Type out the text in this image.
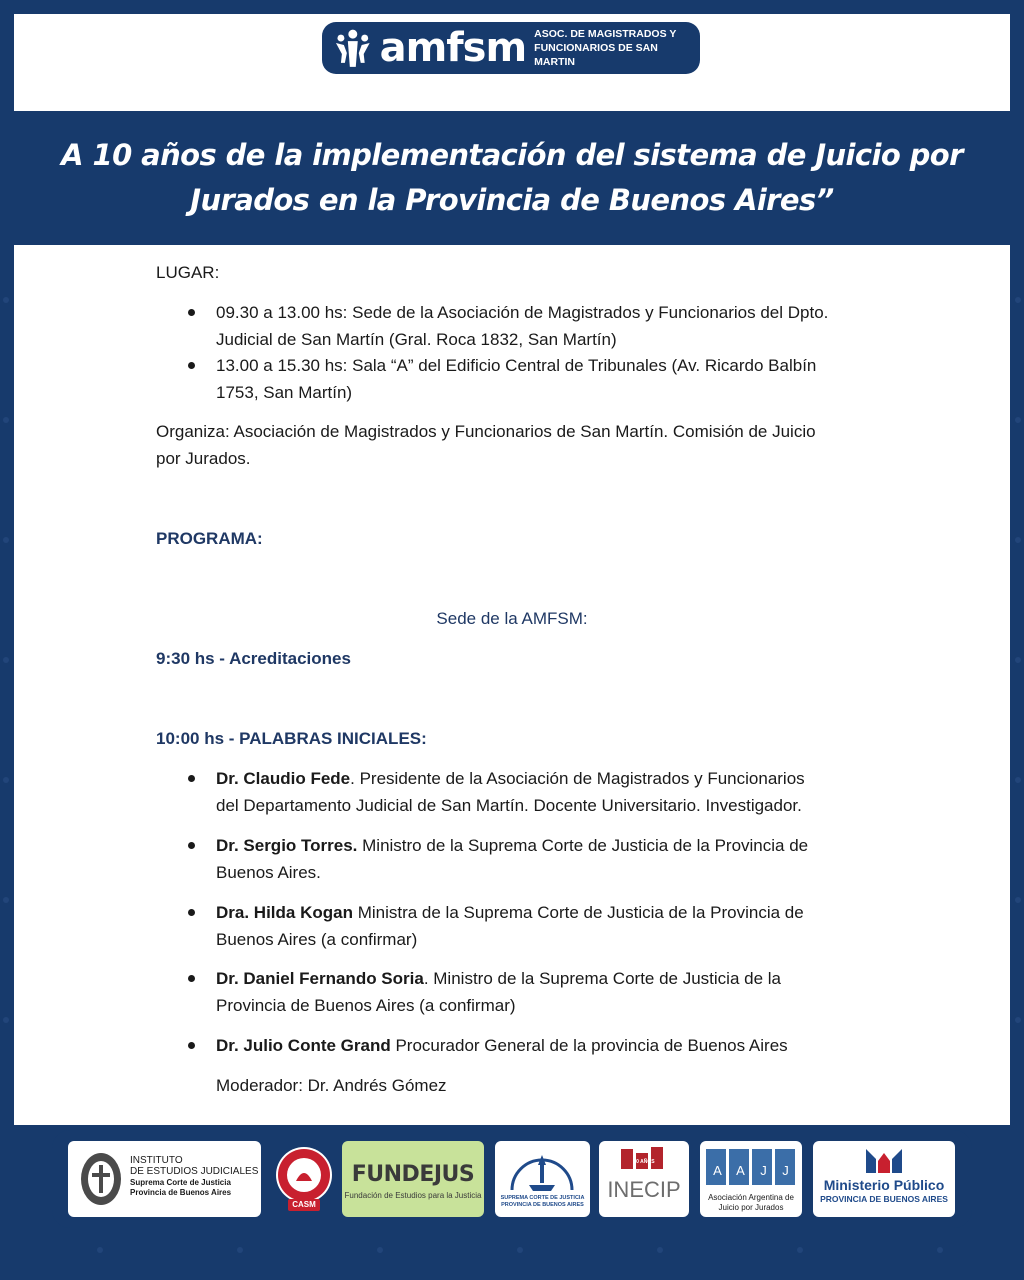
amfsm ASOC. DE MAGISTRADOS Y
FUNCIONARIOS DE SAN MARTIN
A 10 años de la implementación del sistema de Juicio por
Jurados en la Provincia de Buenos Aires”
LUGAR:
09.30 a 13.00 hs: Sede de la Asociación de Magistrados y Funcionarios del Dpto.
Judicial de San Martín (Gral. Roca 1832, San Martín)
13.00 a 15.30 hs: Sala “A” del Edificio Central de Tribunales (Av. Ricardo Balbín
1753, San Martín)
Organiza: Asociación de Magistrados y Funcionarios de San Martín. Comisión de Juicio
por Jurados.
PROGRAMA:
Sede de la AMFSM:
9:30 hs - Acreditaciones
10:00 hs - PALABRAS INICIALES:
Dr. Claudio Fede. Presidente de la Asociación de Magistrados y Funcionarios
del Departamento Judicial de San Martín. Docente Universitario. Investigador.
Dr. Sergio Torres. Ministro de la Suprema Corte de Justicia de la Provincia de
Buenos Aires.
Dra. Hilda Kogan Ministra de la Suprema Corte de Justicia de la Provincia de
Buenos Aires (a confirmar)
Dr. Daniel Fernando Soria. Ministro de la Suprema Corte de Justicia de la
Provincia de Buenos Aires (a confirmar)
Dr. Julio Conte Grand Procurador General de la provincia de Buenos Aires
Moderador: Dr. Andrés Gómez
INSTITUTO
DE ESTUDIOS JUDICIALES
Suprema Corte de Justicia
Provincia de Buenos Aires
CASM
FUNDEJUS
Fundación de Estudios para la Justicia	SUPREMA CORTE DE JUSTICIA
PROVINCIA DE BUENOS AIRES
30 AÑOS
INECIP
A	A	J	J
Asociación Argentina de
Juicio por Jurados
Ministerio Público
PROVINCIA DE BUENOS AIRES
